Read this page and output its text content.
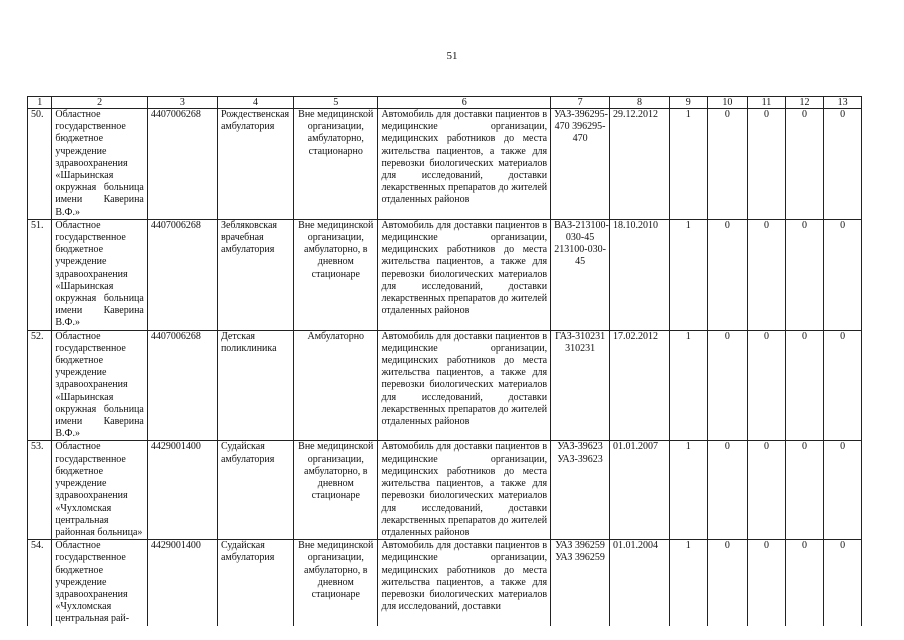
51
1	2	3	4	5	6	7	8	9	10	11	12	13
50.	Областное государственное бюджетное учреждение здравоохранения «Шарьинская окружная больница имени Каверина В.Ф.»	4407006268	Рождественская амбулатория	Вне медицинской организации, амбулаторно, стационарно	Автомобиль для доставки пациентов в медицинские организации, медицинских работников до места жительства пациентов, а также для перевозки биологических материалов для исследований, доставки лекарственных препаратов до жителей отдаленных районов	УАЗ-396295-470 396295-470	29.12.2012	1	0	0	0	0
51.	Областное государственное бюджетное учреждение здравоохранения «Шарьинская окружная больница имени Каверина В.Ф.»	4407006268	Зебляковская врачебная амбулатория	Вне медицинской организации, амбулаторно, в дневном стационаре	Автомобиль для доставки пациентов в медицинские организации, медицинских работников до места жительства пациентов, а также для перевозки биологических материалов для исследований, доставки лекарственных препаратов до жителей отдаленных районов	ВАЗ-213100-030-45 213100-030-45	18.10.2010	1	0	0	0	0
52.	Областное государственное бюджетное учреждение здравоохранения «Шарьинская окружная больница имени Каверина В.Ф.»	4407006268	Детская поликлиника	Амбулаторно	Автомобиль для доставки пациентов в медицинские организации, медицинских работников до места жительства пациентов, а также для перевозки биологических материалов для исследований, доставки лекарственных препаратов до жителей отдаленных районов	ГАЗ-310231 310231	17.02.2012	1	0	0	0	0
53.	Областное государственное бюджетное учреждение здравоохранения «Чухломская центральная районная больница»	4429001400	Судайская амбулатория	Вне медицинской организации, амбулаторно, в дневном стационаре	Автомобиль для доставки пациентов в медицинские организации, медицинских работников до места жительства пациентов, а также для перевозки биологических материалов для исследований, доставки лекарственных препаратов до жителей отдаленных районов	УАЗ-39623 УАЗ-39623	01.01.2007	1	0	0	0	0
54.	Областное государственное бюджетное учреждение здравоохранения «Чухломская центральная рай-	4429001400	Судайская амбулатория	Вне медицинской организации, амбулаторно, в дневном стационаре	Автомобиль для доставки пациентов в медицинские организации, медицинских работников до места жительства пациентов, а также для перевозки биологических материалов для исследований, доставки	УАЗ 396259 УАЗ 396259	01.01.2004	1	0	0	0	0
